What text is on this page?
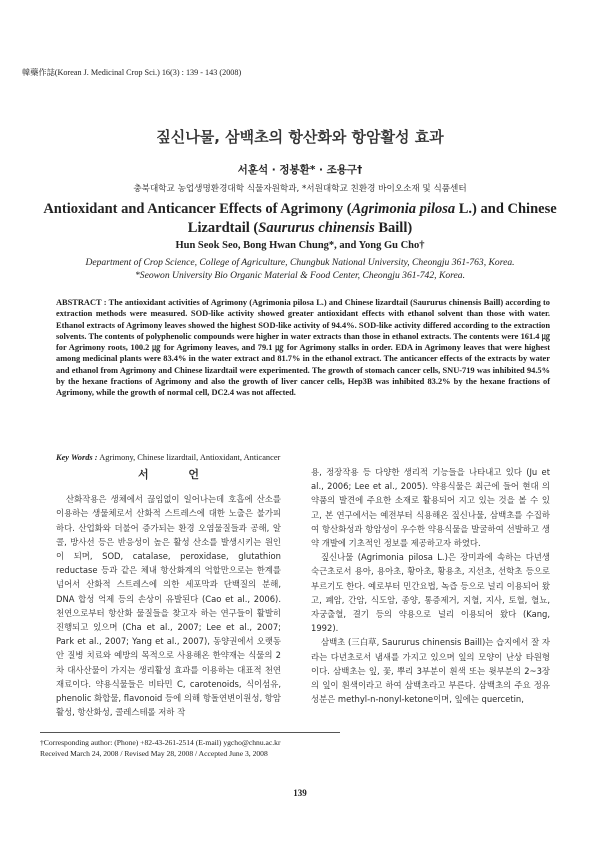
韓藥作誌(Korean J. Medicinal Crop Sci.) 16(3) : 139 - 143 (2008)
짚신나물, 삼백초의 항산화와 항암활성 효과
서훈석 · 정봉환* · 조용구†
충북대학교 농업생명환경대학 식물자원학과, *서원대학교 친환경 바이오소재 및 식품센터
Antioxidant and Anticancer Effects of Agrimony (Agrimonia pilosa L.) and Chinese Lizardtail (Saururus chinensis Baill)
Hun Seok Seo, Bong Hwan Chung*, and Yong Gu Cho†
Department of Crop Science, College of Agriculture, Chungbuk National University, Cheongju 361-763, Korea.
*Seowon University Bio Organic Material & Food Center, Cheongju 361-742, Korea.
ABSTRACT : The antioxidant activities of Agrimony (Agrimonia pilosa L.) and Chinese lizardtail (Saururus chinensis Baill) according to extraction methods were measured. SOD-like activity showed greater antioxidant effects with ethanol solvent than those with water. Ethanol extracts of Agrimony leaves showed the highest SOD-like activity of 94.4%. SOD-like activity differed according to the extraction solvents. The contents of polyphenolic compounds were higher in water extracts than those in ethanol extracts. The contents were 161.4 ㎍ for Agrimony roots, 100.2 ㎍ for Agrimony leaves, and 79.1 ㎍ for Agrimony stalks in order. EDA in Agrimony leaves that were highest among medicinal plants were 83.4% in the water extract and 81.7% in the ethanol extract. The anticancer effects of the extracts by water and ethanol from Agrimony and Chinese lizardtail were experimented. The growth of stomach cancer cells, SNU-719 was inhibited 94.5% by the hexane fractions of Agrimony and also the growth of liver cancer cells, Hep3B was inhibited 83.2% by the hexane fractions of Agrimony, while the growth of normal cell, DC2.4 was not affected.
Key Words : Agrimony, Chinese lizardtail, Antioxidant, Anticancer
서 언

산화작용은 생체에서 끊임없이 일어나는데 호흡에 산소를 이용하는 생물체로서 산화적 스트레스에 대한 노출은 불가피하다. 산업화와 더불어 증가되는 환경 오염물질들과 공해, 알콜, 방사선 등은 반응성이 높은 활성 산소를 발생시키는 원인이 되며, SOD, catalase, peroxidase, glutathion reductase 등과 같은 체내 항산화계의 억할만으로는 한계를 넘어서 산화적 스트레스에 의한 세포막과 단백질의 분해, DNA 합성 억제 등의 손상이 유발된다 (Cao et al., 2006). 천연으로부터 항산화 물질들을 찾고자 하는 연구들이 활발히 진행되고 있으며 (Cha et al., 2007; Lee et al., 2007; Park et al., 2007; Yang et al., 2007), 동양권에서 오랫동안 질병 치료와 예방의 목적으로 사용해온 한약재는 식물의 2차 대사산물이 가지는 생리활성 효과를 이용하는 대표적 천연 재료이다. 약용식물들은 비타민 C, carotenoids, 식이섬유, phenolic 화합물, flavonoid 등에 의해 항돌연변이원성, 항암활성, 항산화성, 콜레스테롤 저하 작

용, 정장작용 등 다양한 생리적 기능들을 나타내고 있다 (Ju et al., 2006; Lee et al., 2005). 약용식물은 최근에 들어 현대 의약품의 발견에 주요한 소재로 활용되어 지고 있는 것을 볼 수 있고, 본 연구에서는 예전부터 식용해온 짚신나물, 삼백초를 수집하여 항산화성과 항암성이 우수한 약용식물을 발굴하여 선발하고 생약 개발에 기초적인 정보를 제공하고자 하였다.

짚신나물 (Agrimonia pilosa L.)은 장미과에 속하는 다년생 숙근초로서 용아, 용아초, 황아초, 황용초, 지선초, 선학초 등으로 부르기도 한다. 예로부터 민간요법, 녹즙 등으로 널리 이용되어 왔고, 폐암, 간암, 식도암, 종양, 통증제거, 지혈, 지사, 토혈, 혈뇨, 자궁출혈, 결기 등의 약용으로 널리 이용되어 왔다 (Kang, 1992).

삼백초 (三白草, Saururus chinensis Baill)는 습지에서 잘 자라는 다년초로서 냄새를 가지고 있으며 잎의 모양이 난상 타원형이다. 삼백초는 잎, 꽃, 뿌리 3부분이 흰색 또는 윗부분의 2~3장의 잎이 흰색이라고 하여 삼백초라고 부른다. 삼백초의 주요 정유성분은 methyl-n-nonyl-ketone이며, 잎에는 quercetin,

†Corresponding author: (Phone) +82-43-261-2514 (E-mail) ygcho@chnu.ac.kr
Received March 24, 2008 / Revised May 28, 2008 / Accepted June 3, 2008
139
